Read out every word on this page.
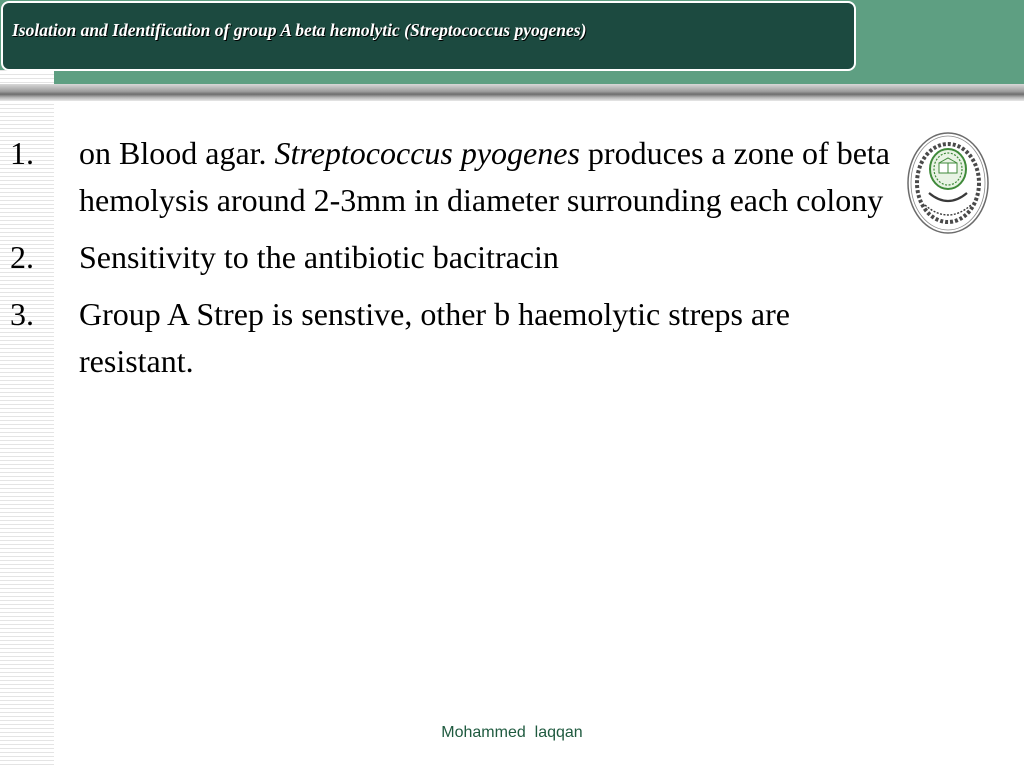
Isolation and Identification of group A beta hemolytic (Streptococcus pyogenes)
1. on Blood agar. Streptococcus pyogenes produces a zone of beta hemolysis around 2-3mm in diameter surrounding each colony
2. Sensitivity to the antibiotic bacitracin
3. Group A Strep is senstive, other b haemolytic streps are resistant.
Mohammed  laqqan
